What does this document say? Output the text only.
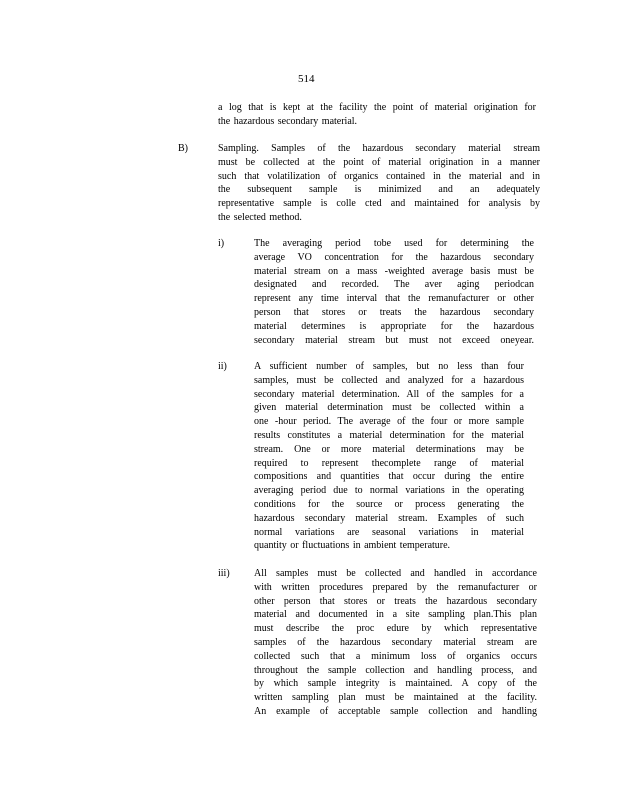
514
a log that is kept at the facility the point of material origination for
the hazardous secondary material.
B)	Sampling. Samples of the hazardous secondary material stream
must be collected at the point of material origination in a manner
such that volatilization of organics contained in the material and in
the subsequent sample is minimized and an adequately
representative sample is colle cted and maintained for analysis by
the selected method.
i)	The averaging period tobe used for determining the
average VO concentration for the hazardous secondary
material stream on a mass -weighted average basis must be
designated and recorded. The aver aging periodcan
represent any time interval that the remanufacturer or other
person that stores or treats the hazardous secondary
material determines is appropriate for the hazardous
secondary material stream but must not exceed oneyear.
ii)	A sufficient number of samples, but no less than four
samples, must be collected and analyzed for a hazardous
secondary material determination. All of the samples for a
given material determination must be collected within a
one -hour period. The average of the four or more sample
results constitutes a material determination for the material
stream. One or more material determinations may be
required to represent thecomplete range of material
compositions and quantities that occur during the entire
averaging period due to normal variations in the operating
conditions for the source or process generating the
hazardous secondary material stream. Examples of such
normal variations are seasonal variations in material
quantity or fluctuations in ambient temperature.
iii) All samples must be collected and handled in accordance
with written procedures prepared by the remanufacturer or
other person that stores or treats the hazardous secondary
material and documented in a site sampling plan.This plan
must describe the proc edure by which representative
samples of the hazardous secondary material stream are
collected such that a minimum loss of organics occurs
throughout the sample collection and handling process, and
by which sample integrity is maintained. A copy of the
written sampling plan must be maintained at the facility.
An example of acceptable sample collection and handling
